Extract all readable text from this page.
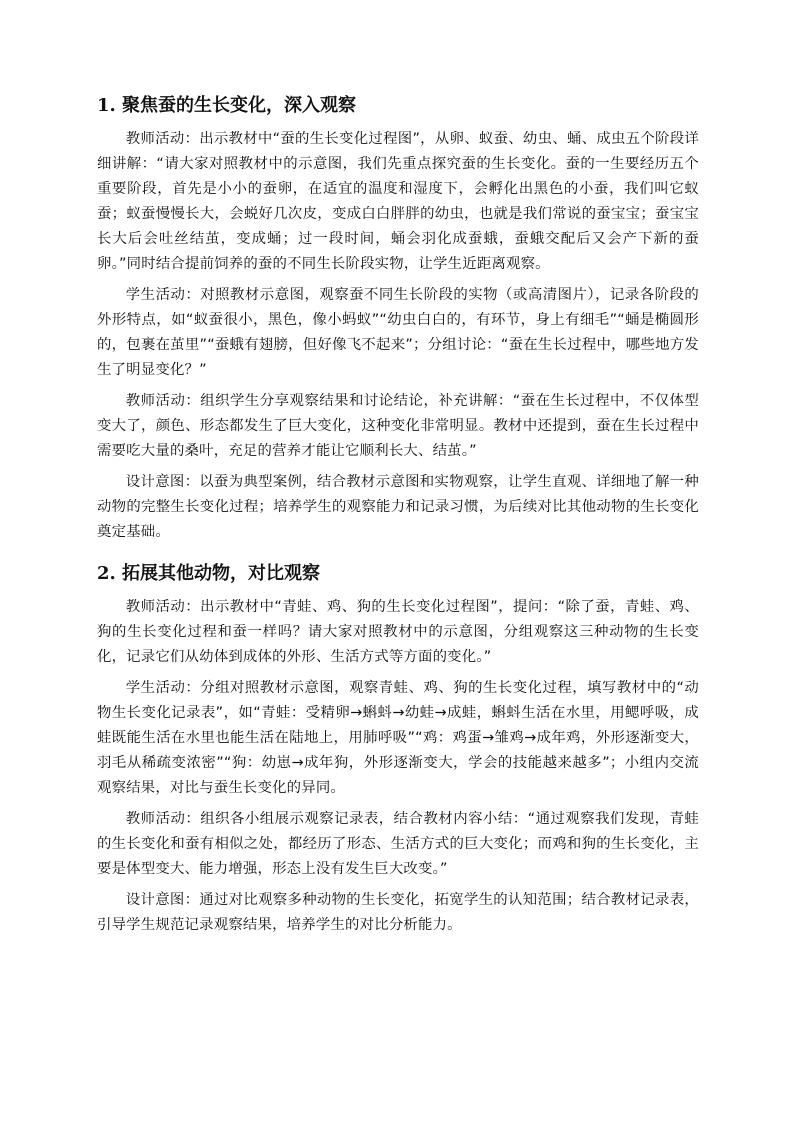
1. 聚焦蚕的生长变化，深入观察

教师活动：出示教材中“蚕的生长变化过程图”，从卵、蚁蚕、幼虫、蛹、成虫五个阶段详细讲解：“请大家对照教材中的示意图，我们先重点探究蚕的生长变化。蚕的一生要经历五个重要阶段，首先是小小的蚕卵，在适宜的温度和湿度下，会孵化出黑色的小蚕，我们叫它蚁蚕；蚁蚕慢慢长大，会蜕好几次皮，变成白白胖胖的幼虫，也就是我们常说的蚕宝宝；蚕宝宝长大后会吐丝结茧，变成蛹；过一段时间，蛹会羽化成蚕蛾，蚕蛾交配后又会产下新的蚕卵。”同时结合提前饲养的蚕的不同生长阶段实物，让学生近距离观察。

学生活动：对照教材示意图，观察蚕不同生长阶段的实物（或高清图片），记录各阶段的外形特点，如“蚁蚕很小，黑色，像小蚂蚁”“幼虫白白的，有环节，身上有细毛”“蛹是椭圆形的，包裹在茧里”“蚕蛾有翅膀，但好像飞不起来”；分组讨论：“蚕在生长过程中，哪些地方发生了明显变化？”

教师活动：组织学生分享观察结果和讨论结论，补充讲解：“蚕在生长过程中，不仅体型变大了，颜色、形态都发生了巨大变化，这种变化非常明显。教材中还提到，蚕在生长过程中需要吃大量的桑叶，充足的营养才能让它顺利长大、结茧。”

设计意图：以蚕为典型案例，结合教材示意图和实物观察，让学生直观、详细地了解一种动物的完整生长变化过程；培养学生的观察能力和记录习惯，为后续对比其他动物的生长变化奠定基础。

2. 拓展其他动物，对比观察

教师活动：出示教材中“青蛙、鸡、狗的生长变化过程图”，提问：“除了蚕，青蛙、鸡、狗的生长变化过程和蚕一样吗？请大家对照教材中的示意图，分组观察这三种动物的生长变化，记录它们从幼体到成体的外形、生活方式等方面的变化。”

学生活动：分组对照教材示意图，观察青蛙、鸡、狗的生长变化过程，填写教材中的“动物生长变化记录表”，如“青蛙：受精卵→蝌蚪→幼蛙→成蛙，蝌蚪生活在水里，用鳃呼吸，成蛙既能生活在水里也能生活在陆地上，用肺呼吸”“鸡：鸡蛋→雏鸡→成年鸡，外形逐渐变大，羽毛从稀疏变浓密”“狗：幼崽→成年狗，外形逐渐变大，学会的技能越来越多”；小组内交流观察结果，对比与蚕生长变化的异同。

教师活动：组织各小组展示观察记录表，结合教材内容小结：“通过观察我们发现，青蛙的生长变化和蚕有相似之处，都经历了形态、生活方式的巨大变化；而鸡和狗的生长变化，主要是体型变大、能力增强，形态上没有发生巨大改变。”

设计意图：通过对比观察多种动物的生长变化，拓宽学生的认知范围；结合教材记录表，引导学生规范记录观察结果，培养学生的对比分析能力。
